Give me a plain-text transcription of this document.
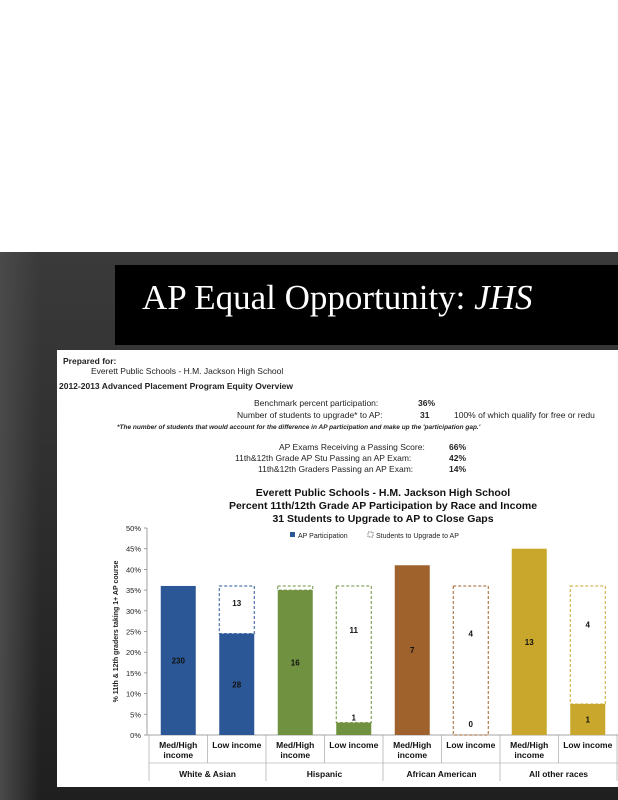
AP Equal Opportunity: JHS
Prepared for:
Everett Public Schools - H.M. Jackson High School
2012-2013 Advanced Placement Program Equity Overview
Benchmark percent participation:	36%
Number of students to upgrade* to AP:	31	100% of which qualify for free or redu
*The number of students that would account for the difference in AP participation and make up the 'participation gap.'
AP Exams Receiving a Passing Score:	66%
11th&12th Grade AP Stu Passing an AP Exam:	42%
11th&12th Graders Passing an AP Exam:	14%
Everett Public Schools - H.M. Jackson High School
Percent 11th/12th Grade AP Participation by Race and Income
31 Students to Upgrade to AP to Close Gaps
AP Participation	Students to Upgrade to AP
0%
5%
10%
15%
20%
25%
30%
35%
40%
45%
50%
% 11th & 12th graders taking 1+ AP course	230
Med/High
income
13
28
Low income
16
Med/High
income
11
1
Low income
7
Med/High
income
4
0
Low income
13
Med/High
income
4
1
Low income
White & Asian	Hispanic	African American	All other races
